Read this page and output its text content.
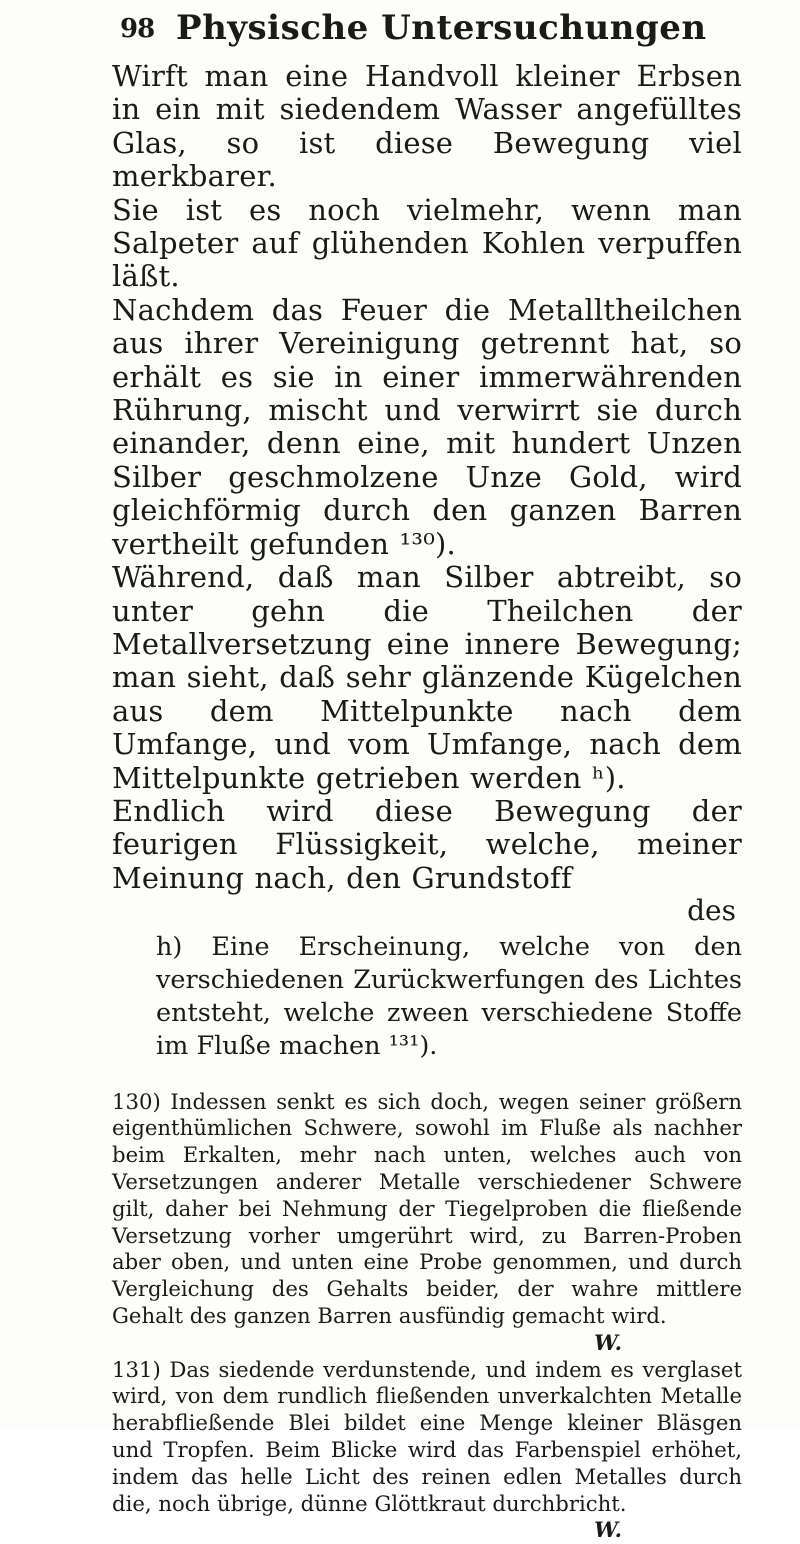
98 Physische Untersuchungen

Wirft man eine Handvoll kleiner Erbsen in ein mit siedendem Wasser angefülltes Glas, so ist diese Bewegung viel merkbarer.

Sie ist es noch vielmehr, wenn man Salpeter auf glühenden Kohlen verpuffen läßt.

Nachdem das Feuer die Metalltheilchen aus ihrer Vereinigung getrennt hat, so erhält es sie in einer immerwährenden Rührung, mischt und verwirrt sie durch einander, denn eine, mit hundert Unzen Silber geschmolzene Unze Gold, wird gleichförmig durch den ganzen Barren vertheilt gefunden ¹³⁰).

Während, daß man Silber abtreibt, so unter gehn die Theilchen der Metallversetzung eine innere Bewegung; man sieht, daß sehr glänzende Kügelchen aus dem Mittelpunkte nach dem Umfange, und vom Umfange, nach dem Mittelpunkte getrieben werden ʰ).

Endlich wird diese Bewegung der feurigen Flüssigkeit, welche, meiner Meinung nach, den Grundstoff

des

h) Eine Erscheinung, welche von den verschiedenen Zurückwerfungen des Lichtes entsteht, welche zween verschiedene Stoffe im Fluße machen ¹³¹).

130) Indessen senkt es sich doch, wegen seiner größern eigenthümlichen Schwere, sowohl im Fluße als nachher beim Erkalten, mehr nach unten, welches auch von Versetzungen anderer Metalle verschiedener Schwere gilt, daher bei Nehmung der Tiegelproben die fließende Versetzung vorher umgerührt wird, zu Barren-Proben aber oben, und unten eine Probe genommen, und durch Vergleichung des Gehalts beider, der wahre mittlere Gehalt des ganzen Barren ausfündig gemacht wird.
W.

131) Das siedende verdunstende, und indem es verglaset wird, von dem rundlich fließenden unverkalchten Metalle herabfließende Blei bildet eine Menge kleiner Bläsgen und Tropfen. Beim Blicke wird das Farbenspiel erhöhet, indem das helle Licht des reinen edlen Metalles durch die, noch übrige, dünne Glöttkraut durchbricht.
W.
